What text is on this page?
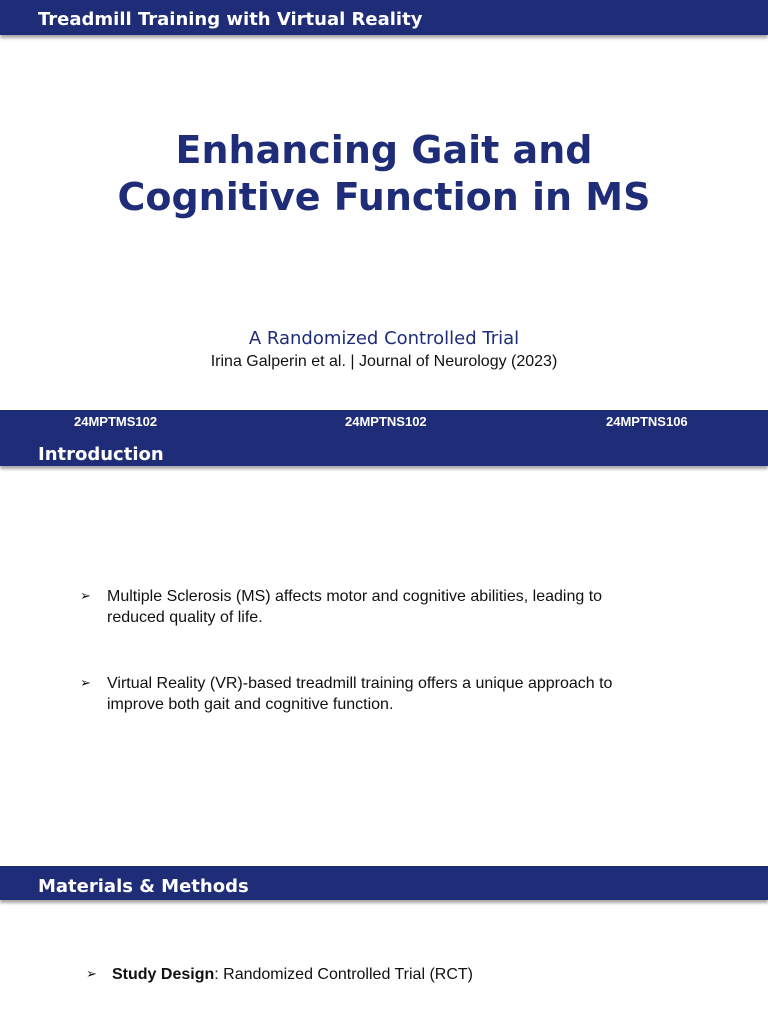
Treadmill Training with Virtual Reality
Enhancing Gait and
Cognitive Function in MS
A Randomized Controlled Trial
Irina Galperin et al. | Journal of Neurology (2023)
24MPTMS102	24MPTNS102	24MPTNS106
Introduction
➢ Multiple Sclerosis (MS) affects motor and cognitive abilities, leading to reduced quality of life.
➢ Virtual Reality (VR)-based treadmill training offers a unique approach to improve both gait and cognitive function.
Materials & Methods
➢ Study Design: Randomized Controlled Trial (RCT)
